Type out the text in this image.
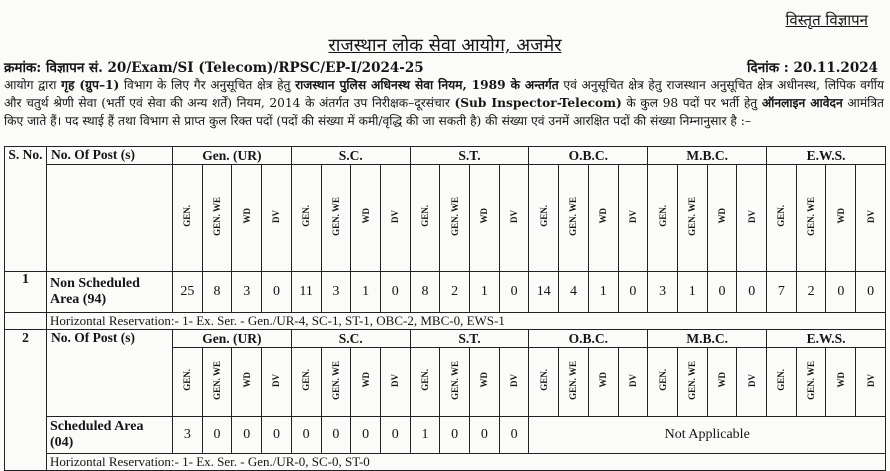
विस्तृत विज्ञापन
राजस्थान लोक सेवा आयोग, अजमेर
क्रमांक: विज्ञापन सं. 20/Exam/SI (Telecom)/RPSC/EP-I/2024-25	दिनांक : 20.11.2024
आयोग द्वारा गृह (ग्रुप–1) विभाग के लिए गैर अनुसूचित क्षेत्र हेतु राजस्थान पुलिस अधिनस्थ सेवा नियम, 1989 के अन्तर्गत एवं अनुसूचित क्षेत्र हेतु राजस्थान अनुसूचित क्षेत्र अधीनस्थ, लिपिक वर्गीय और चतुर्थ श्रेणी सेवा (भर्ती एवं सेवा की अन्य शर्तें) नियम, 2014 के अंतर्गत उप निरीक्षक–दूरसंचार (Sub Inspector-Telecom) के कुल 98 पदों पर भर्ती हेतु ऑनलाइन आवेदन आमंत्रित किए जाते हैं। पद स्थाई हैं तथा विभाग से प्राप्त कुल रिक्त पदों (पदों की संख्या में कमी/वृद्धि की जा सकती है) की संख्या एवं उनमें आरक्षित पदों की संख्या निम्नानुसार है :–
S. No.	No. Of Post (s)	Gen. (UR)				S.C.				S.T.				O.B.C.				M.B.C.				E.W.S.			
		GEN.	GEN. WE	WD	DV	GEN.	GEN. WE	WD	DV	GEN.	GEN. WE	WD	DV	GEN.	GEN. WE	WD	DV	GEN.	GEN. WE	WD	DV	GEN.	GEN. WE	WD	DV
1	Non Scheduled
Area (94)	25	8	3	0	11	3	1	0	8	2	1	0	14	4	1	0	3	1	0	0	7	2	0	0
	Horizontal Reservation:- 1- Ex. Ser. - Gen./UR-4, SC-1, ST-1, OBC-2, MBC-0, EWS-1																								
2	No. Of Post (s)	Gen. (UR)				S.C.				S.T.				O.B.C.				M.B.C.				E.W.S.			
		GEN.	GEN. WE	WD	DV	GEN.	GEN. WE	WD	DV	GEN.	GEN. WE	WD	DV	GEN.	GEN. WE	WD	DV	GEN.	GEN. WE	WD	DV	GEN.	GEN. WE	WD	DV

	Scheduled Area
(04)	3	0	0	0	0	0	0	0	1	0	0	0	Not Applicable											
	Horizontal Reservation:- 1- Ex. Ser. - Gen./UR-0, SC-0, ST-0																								
